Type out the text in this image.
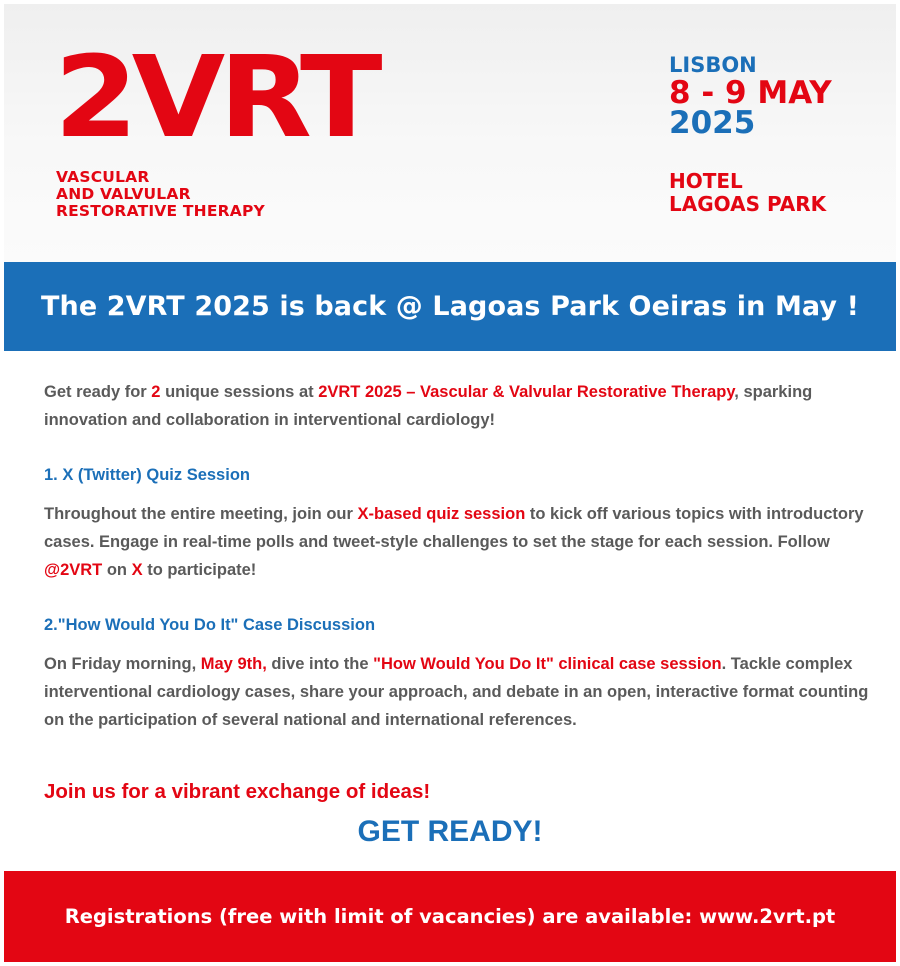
2VRT
VASCULAR
AND VALVULAR
RESTORATIVE THERAPY
LISBON
8 - 9 MAY
2025
HOTEL
LAGOAS PARK
The 2VRT 2025 is back @ Lagoas Park Oeiras in May !

Get ready for 2 unique sessions at 2VRT 2025 – Vascular & Valvular Restorative Therapy, sparking innovation and collaboration in interventional cardiology!

1. X (Twitter) Quiz Session

Throughout the entire meeting, join our X-based quiz session to kick off various topics with introductory cases. Engage in real-time polls and tweet-style challenges to set the stage for each session. Follow @2VRT on X to participate!

2."How Would You Do It" Case Discussion

On Friday morning, May 9th, dive into the "How Would You Do It" clinical case session. Tackle complex interventional cardiology cases, share your approach, and debate in an open, interactive format counting on the participation of several national and international references.

Join us for a vibrant exchange of ideas!

GET READY!
Registrations (free with limit of vacancies) are available: www.2vrt.pt
